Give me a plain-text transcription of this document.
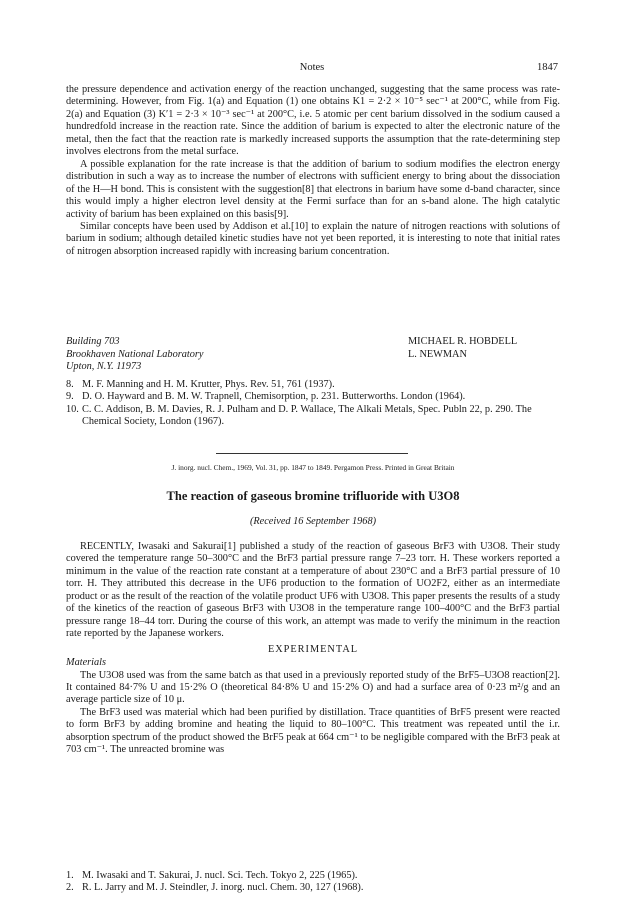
Notes	1847

the pressure dependence and activation energy of the reaction unchanged, suggesting that the same process was rate-determining. However, from Fig. 1(a) and Equation (1) one obtains K1 = 2·2 × 10⁻⁵ sec⁻¹ at 200°C, while from Fig. 2(a) and Equation (3) K′1 = 2·3 × 10⁻³ sec⁻¹ at 200°C, i.e. 5 atomic per cent barium dissolved in the sodium caused a hundredfold increase in the reaction rate. Since the addition of barium is expected to alter the electronic nature of the metal, then the fact that the reaction rate is markedly increased supports the assumption that the rate-determining step involves electrons from the metal surface.

A possible explanation for the rate increase is that the addition of barium to sodium modifies the electron energy distribution in such a way as to increase the number of electrons with sufficient energy to bring about the dissociation of the H—H bond. This is consistent with the suggestion[8] that electrons in barium have some d-band character, since this would imply a higher electron level density at the Fermi surface than for an s-band alone. The high catalytic activity of barium has been explained on this basis[9].

Similar concepts have been used by Addison et al.[10] to explain the nature of nitrogen reactions with solutions of barium in sodium; although detailed kinetic studies have not yet been reported, it is interesting to note that initial rates of nitrogen absorption increased rapidly with increasing barium concentration.

Building 703
Brookhaven National Laboratory
Upton, N.Y. 11973
MICHAEL R. HOBDELL
L. NEWMAN
8. M. F. Manning and H. M. Krutter, Phys. Rev. 51, 761 (1937).
9. D. O. Hayward and B. M. W. Trapnell, Chemisorption, p. 231. Butterworths. London (1964).
10. C. C. Addison, B. M. Davies, R. J. Pulham and D. P. Wallace, The Alkali Metals, Spec. Publn 22, p. 290. The Chemical Society, London (1967).
J. inorg. nucl. Chem., 1969, Vol. 31, pp. 1847 to 1849. Pergamon Press. Printed in Great Britain
The reaction of gaseous bromine trifluoride with U3O8
(Received 16 September 1968)

RECENTLY, Iwasaki and Sakurai[1] published a study of the reaction of gaseous BrF3 with U3O8. Their study covered the temperature range 50–300°C and the BrF3 partial pressure range 7–23 torr. H. These workers reported a minimum in the value of the reaction rate constant at a temperature of about 230°C and a BrF3 partial pressure of 10 torr. H. They attributed this decrease in the UF6 production to the formation of UO2F2, either as an intermediate product or as the result of the reaction of the volatile product UF6 with U3O8. This paper presents the results of a study of the kinetics of the reaction of gaseous BrF3 with U3O8 in the temperature range 100–400°C and the BrF3 partial pressure range 18–44 torr. During the course of this work, an attempt was made to verify the minimum in the reaction rate reported by the Japanese workers.

EXPERIMENTAL

Materials

The U3O8 used was from the same batch as that used in a previously reported study of the BrF5–U3O8 reaction[2]. It contained 84·7% U and 15·2% O (theoretical 84·8% U and 15·2% O) and had a surface area of 0·23 m²/g and an average particle size of 10 μ.

The BrF3 used was material which had been purified by distillation. Trace quantities of BrF5 present were reacted to form BrF3 by adding bromine and heating the liquid to 80–100°C. This treatment was repeated until the i.r. absorption spectrum of the product showed the BrF5 peak at 664 cm⁻¹ to be negligible compared with the BrF3 peak at 703 cm⁻¹. The unreacted bromine was

1. M. Iwasaki and T. Sakurai, J. nucl. Sci. Tech. Tokyo 2, 225 (1965).
2. R. L. Jarry and M. J. Steindler, J. inorg. nucl. Chem. 30, 127 (1968).
